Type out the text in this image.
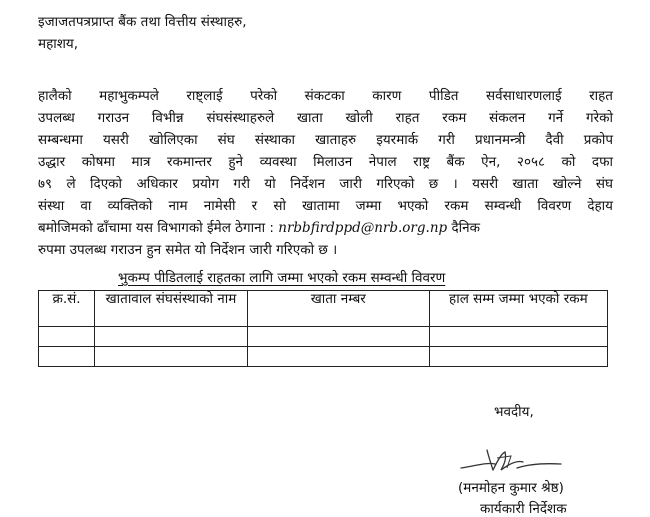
इजाजतपत्रप्राप्त बैंक तथा वित्तीय संस्थाहरु,
महाशय,
हालैको महाभुकम्पले राष्ट्लाई परेको संकटका कारण पीडित सर्वसाधारणलाई राहत
उपलब्ध गराउन विभीन्न संघसंस्थाहरुले खाता खोली राहत रकम संकलन गर्ने गरेको
सम्बन्धमा यसरी खोलिएका संघ संस्थाका खाताहरु इयरमार्क गरी प्रधानमन्त्री दैवी प्रकोप
उद्धार कोषमा मात्र रकमान्तर हुने व्यवस्था मिलाउन नेपाल राष्ट्र बैंक ऐन, २०५८ को दफा
७९ ले दिएको अधिकार प्रयोग गरी यो निर्देशन जारी गरिएको छ । यसरी खाता खोल्ने संघ
संस्था वा व्यक्तिको नाम नामेसी र सो खातामा जम्मा भएको रकम सम्वन्धी विवरण देहाय
बमोजिमको ढाँचामा यस विभागको ईमेल ठेगाना : nrbbfirdppd@nrb.org.np दैनिक
रुपमा उपलब्ध गराउन हुन समेत यो निर्देशन जारी गरिएको छ ।
भुकम्प पीडितलाई राहतका लागि जम्मा भएको रकम सम्वन्धी विवरण
क्र.सं.	खातावाल संघसंस्थाको नाम	खाता नम्बर	हाल सम्म जम्मा भएको रकम

भवदीय,
(मनमोहन कुमार श्रेष्ठ)
कार्यकारी निर्देशक
